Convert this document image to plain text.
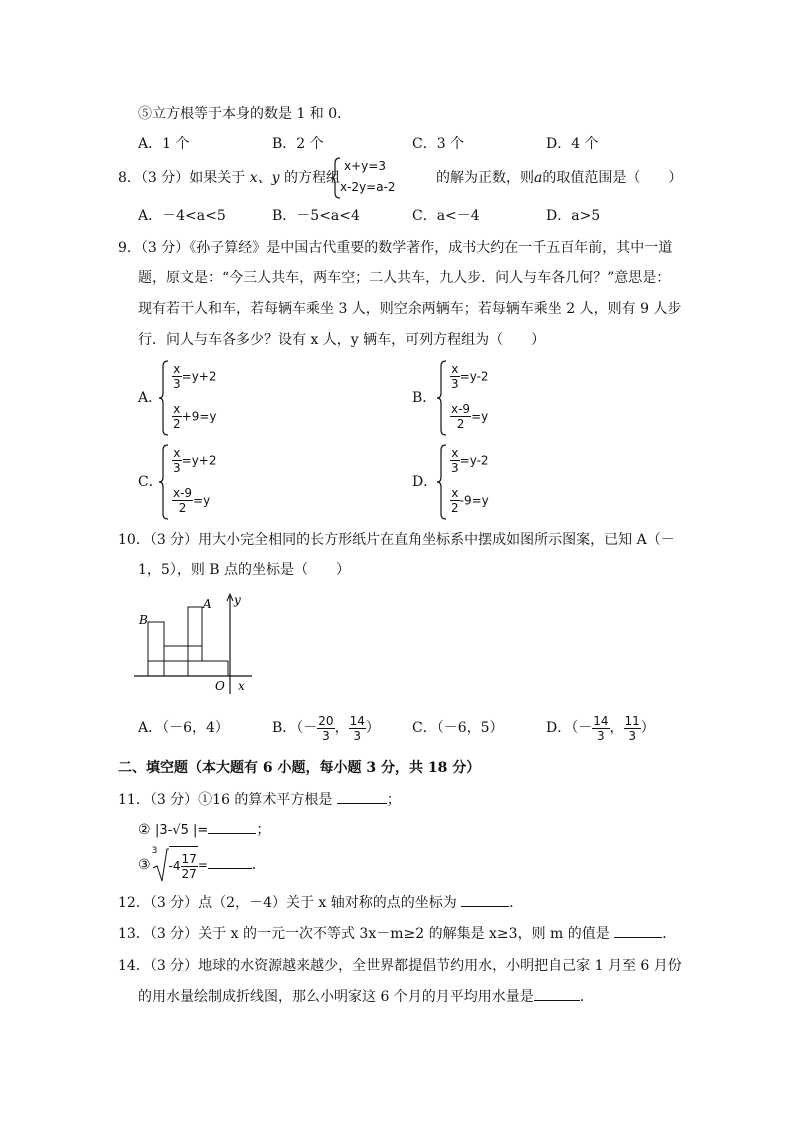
⑤立方根等于本身的数是 1 和 0．
A．1 个	B．2 个	C．3 个	D．4 个
8．（3 分）如果关于 x、y 的方程组
x+y=3
x-2y=a-2
的解为正数，则a的取值范围是（　　）
A．－4<a<5	B．－5<a<4	C．a<－4	D．a>5
9．（3 分）《孙子算经》是中国古代重要的数学著作，成书大约在一千五百年前，其中一道
题，原文是：“今三人共车，两车空；二人共车，九人步．问人与车各几何？”意思是：
现有若干人和车，若每辆车乘坐 3 人，则空余两辆车；若每辆车乘坐 2 人，则有 9 人步
行．问人与车各多少？设有 x 人，y 辆车，可列方程组为（　　）
A．
$\frac{x}{3} =y+2$
$\frac{x}{2} +9=y$
B．
$\frac{x}{3} =y-2$
$\frac{x-9}{2} =y$
C．
$\frac{x}{3} =y+2$
$\frac{x-9}{2} =y$
D．
$\frac{x}{3} =y-2$
$\frac{x}{2} -9=y$
10．（3 分）用大小完全相同的长方形纸片在直角坐标系中摆成如图所示图案，已知 A（－
1，5），则 B 点的坐标是（　　）
B
A
O x
y
A．（－6，4）	B．（－ $\frac{20}{3}$ ， $\frac{14}{3}$ ） C．（－6，5）	D．（－ $\frac{14}{3}$ ， $\frac{11}{3}$ ）
二、填空题（本大题有 6 小题，每小题 3 分，共 18 分）
11．（3 分）①16 的算术平方根是	；
② |3-√5 |=	；
③
3
$-4 \frac{17}{27}$ =	．
12．（3 分）点（2，－4）关于 x 轴对称的点的坐标为	．
13．（3 分）关于 x 的一元一次不等式 3x－m≥2 的解集是 x≥3，则 m 的值是	．
14．（3 分）地球的水资源越来越少，全世界都提倡节约用水，小明把自己家 1 月至 6 月份
的用水量绘制成折线图，那么小明家这 6 个月的月平均用水量是	．
